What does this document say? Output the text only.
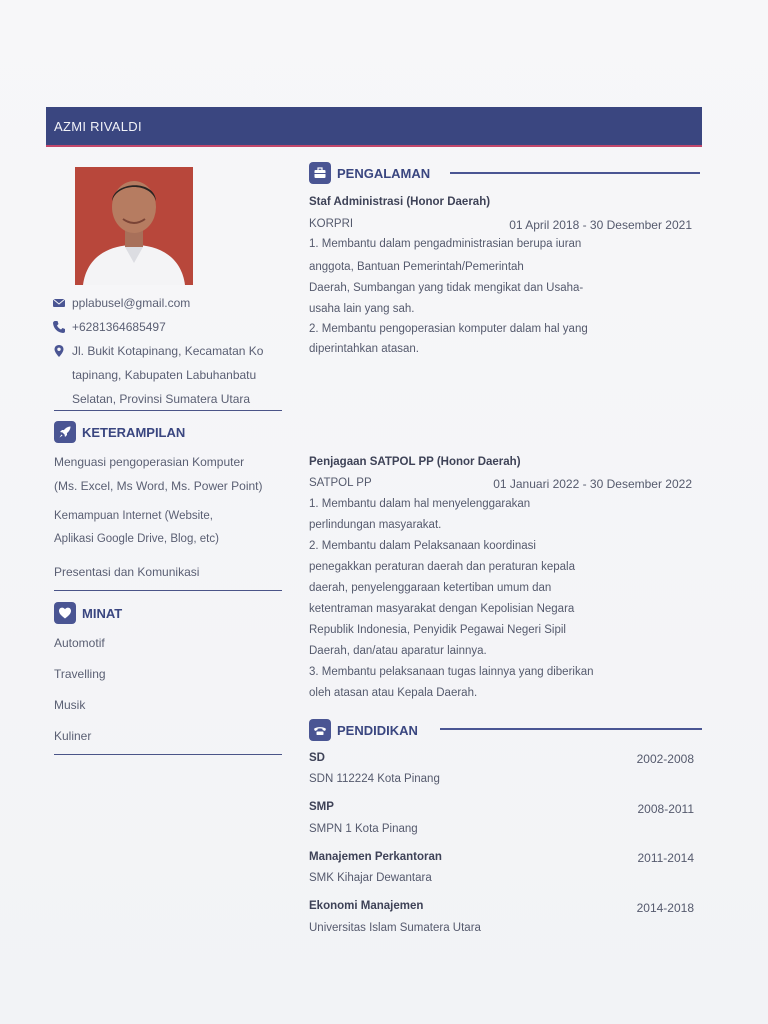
AZMI RIVALDI
pplabusel@gmail.com
+6281364685497
Jl. Bukit Kotapinang, Kecamatan Ko
tapinang, Kabupaten Labuhanbatu
Selatan, Provinsi Sumatera Utara
KETERAMPILAN
Menguasi pengoperasian Komputer
(Ms. Excel, Ms Word, Ms. Power Point)
Kemampuan Internet (Website,
Aplikasi Google Drive, Blog, etc)
Presentasi dan Komunikasi
MINAT
Automotif
Travelling
Musik
Kuliner
PENGALAMAN
Staf Administrasi (Honor Daerah)
KORPRI	01 April 2018 - 30 Desember 2021
1. Membantu dalam pengadministrasian berupa iuran
anggota, Bantuan Pemerintah/Pemerintah
Daerah, Sumbangan yang tidak mengikat dan Usaha-
usaha lain yang sah.
2. Membantu pengoperasian komputer dalam hal yang
diperintahkan atasan.
Penjagaan SATPOL PP (Honor Daerah)
SATPOL PP	01 Januari 2022 - 30 Desember 2022
1. Membantu dalam hal menyelenggarakan
perlindungan masyarakat.
2. Membantu dalam Pelaksanaan koordinasi
penegakkan peraturan daerah dan peraturan kepala
daerah, penyelenggaraan ketertiban umum dan
ketentraman masyarakat dengan Kepolisian Negara
Republik Indonesia, Penyidik Pegawai Negeri Sipil
Daerah, dan/atau aparatur lainnya.
3. Membantu pelaksanaan tugas lainnya yang diberikan
oleh atasan atau Kepala Daerah.
PENDIDIKAN
SD	2002-2008
SDN 112224 Kota Pinang
SMP	2008-2011
SMPN 1 Kota Pinang
Manajemen Perkantoran	2011-2014
SMK Kihajar Dewantara
Ekonomi Manajemen	2014-2018
Universitas Islam Sumatera Utara
